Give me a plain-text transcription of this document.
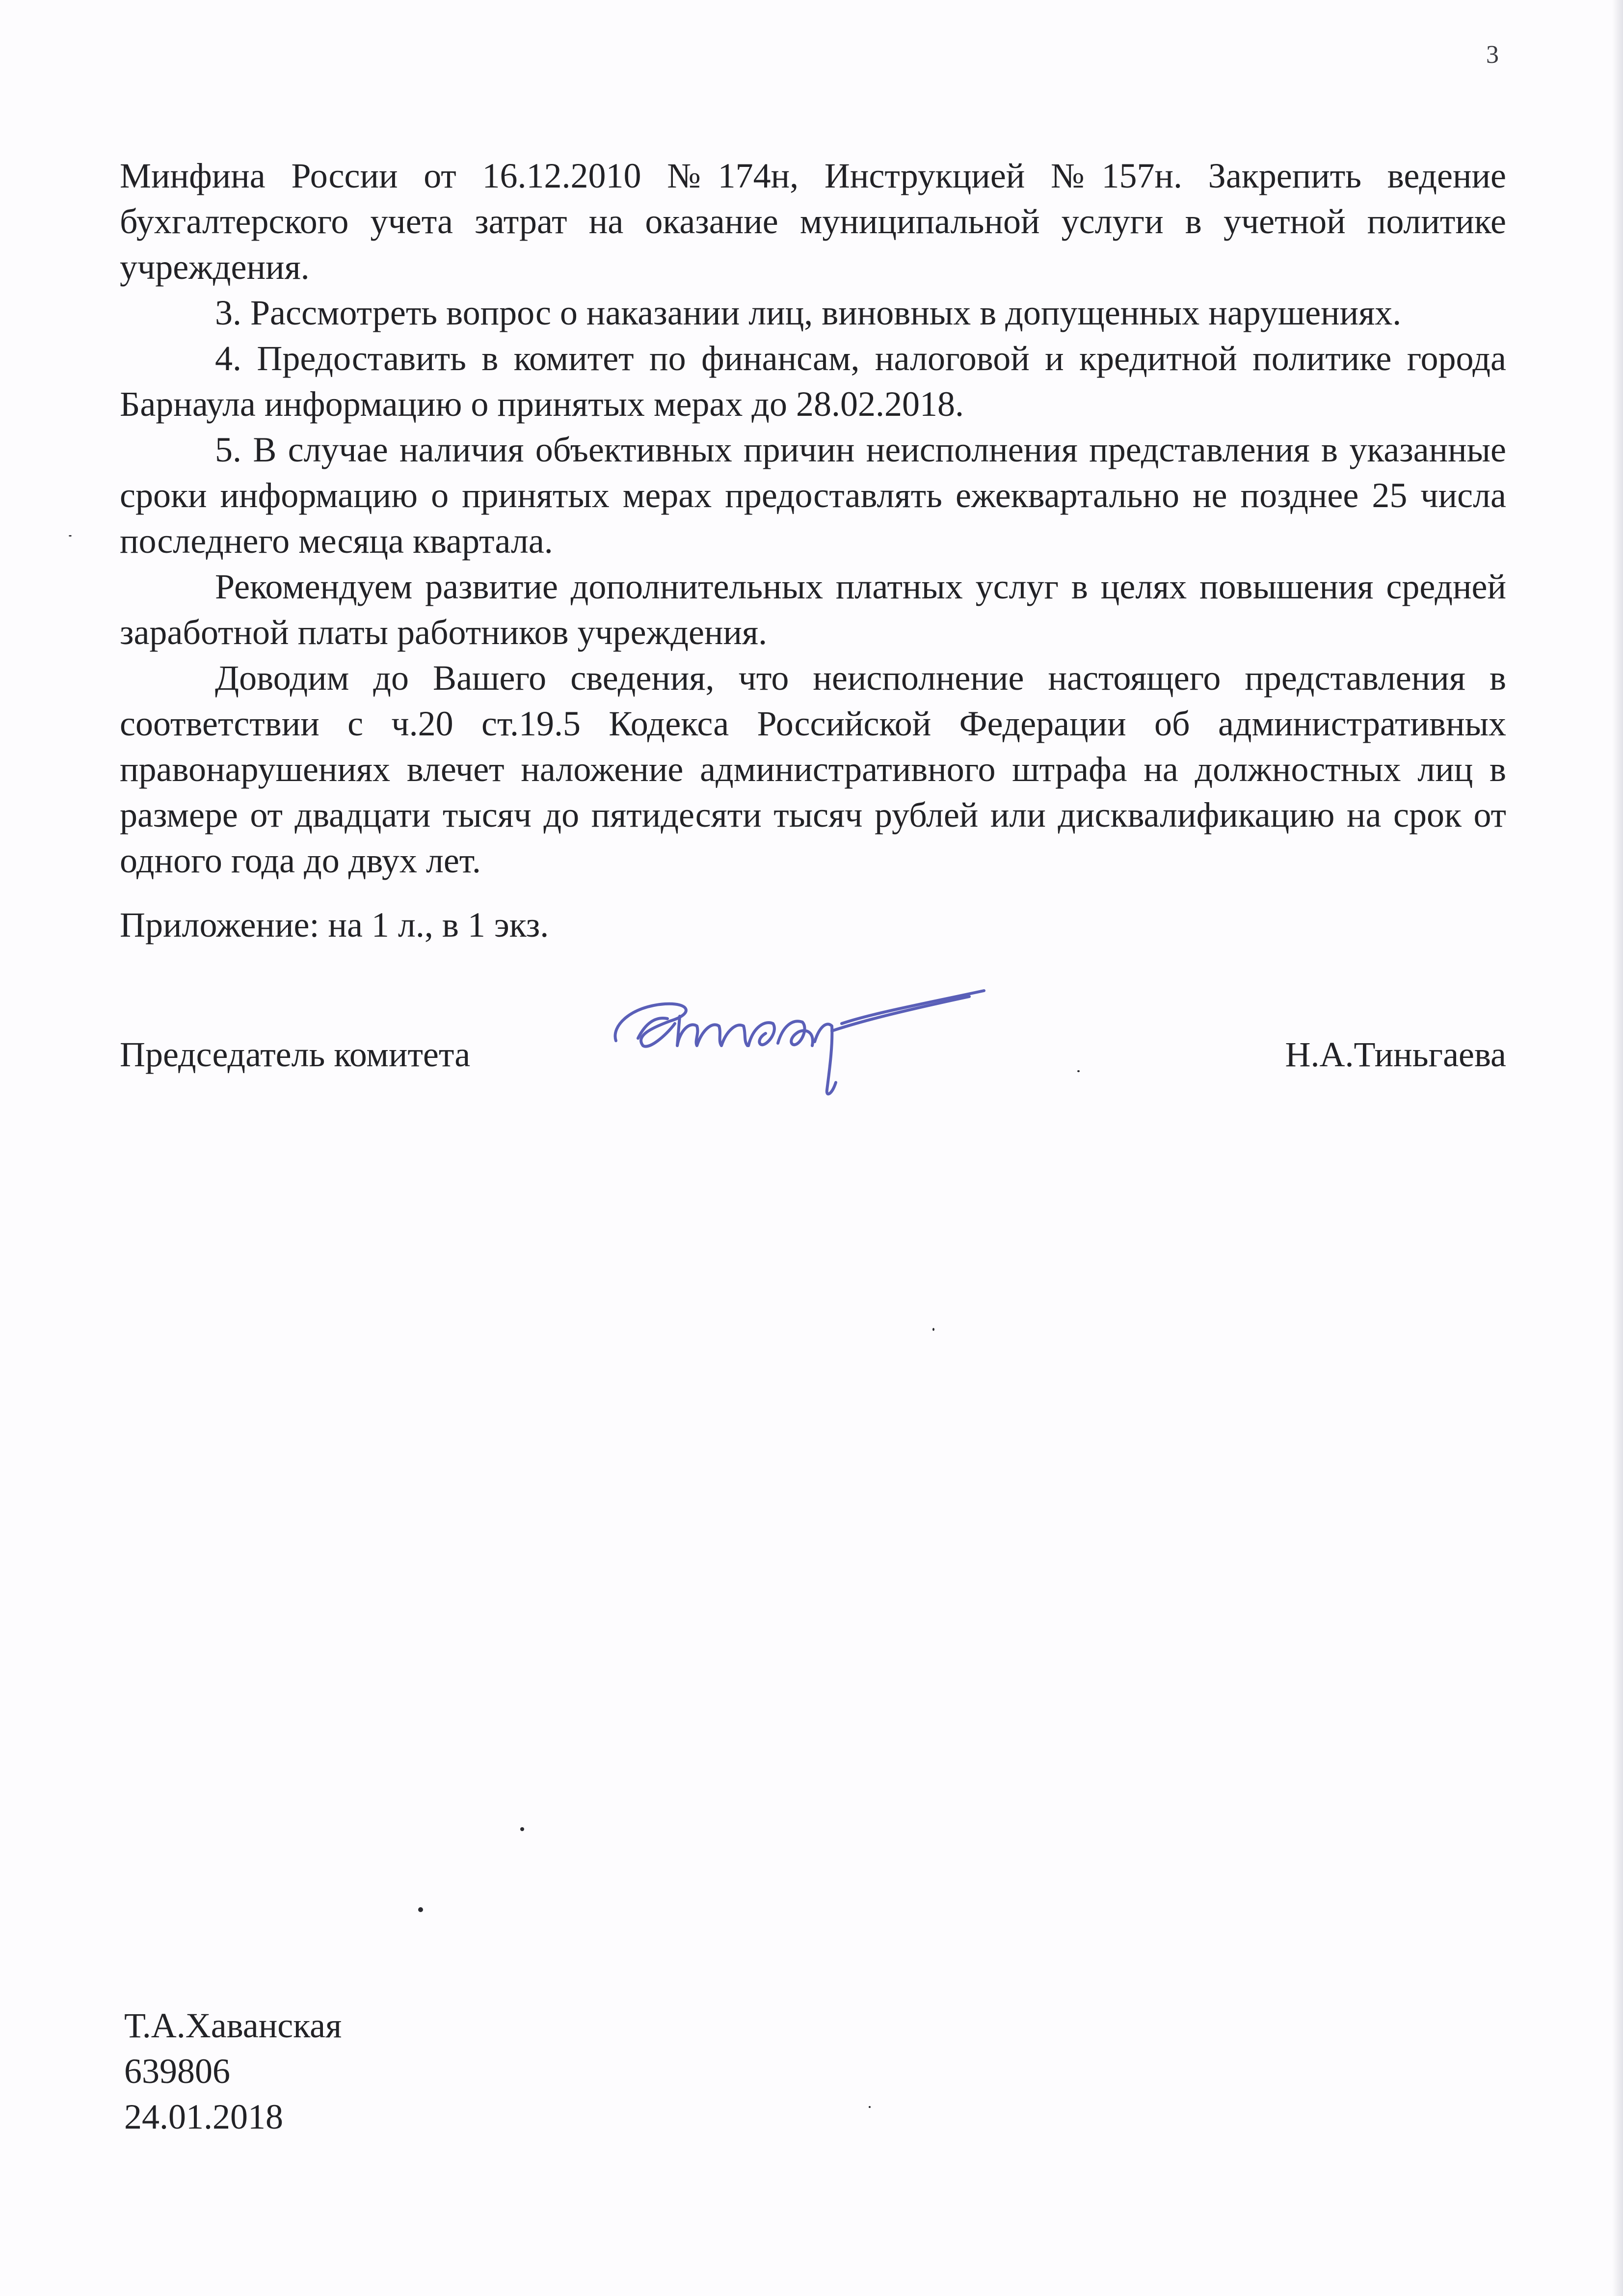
3

Минфина России от 16.12.2010 №174н, Инструкцией №157н. Закрепить ведение бухгалтерского учета затрат на оказание муниципальной услуги в учетной политике учреждения.

3. Рассмотреть вопрос о наказании лиц, виновных в допущенных нарушениях.

4. Предоставить в комитет по финансам, налоговой и кредитной политике города Барнаула информацию о принятых мерах до 28.02.2018.

5. В случае наличия объективных причин неисполнения представления в указанные сроки информацию о принятых мерах предоставлять ежеквартально не позднее 25 числа последнего месяца квартала.

Рекомендуем развитие дополнительных платных услуг в целях повышения средней заработной платы работников учреждения.

Доводим до Вашего сведения, что неисполнение настоящего представления в соответствии с ч.20 ст.19.5 Кодекса Российской Федерации об административных правонарушениях влечет наложение административного штрафа на должностных лиц в размере от двадцати тысяч до пятидесяти тысяч рублей или дисквалификацию на срок от одного года до двух лет.

Приложение: на 1 л., в 1 экз.
Председатель комитета	Н.А.Тиньгаева
Т.А.Хаванская
639806
24.01.2018
